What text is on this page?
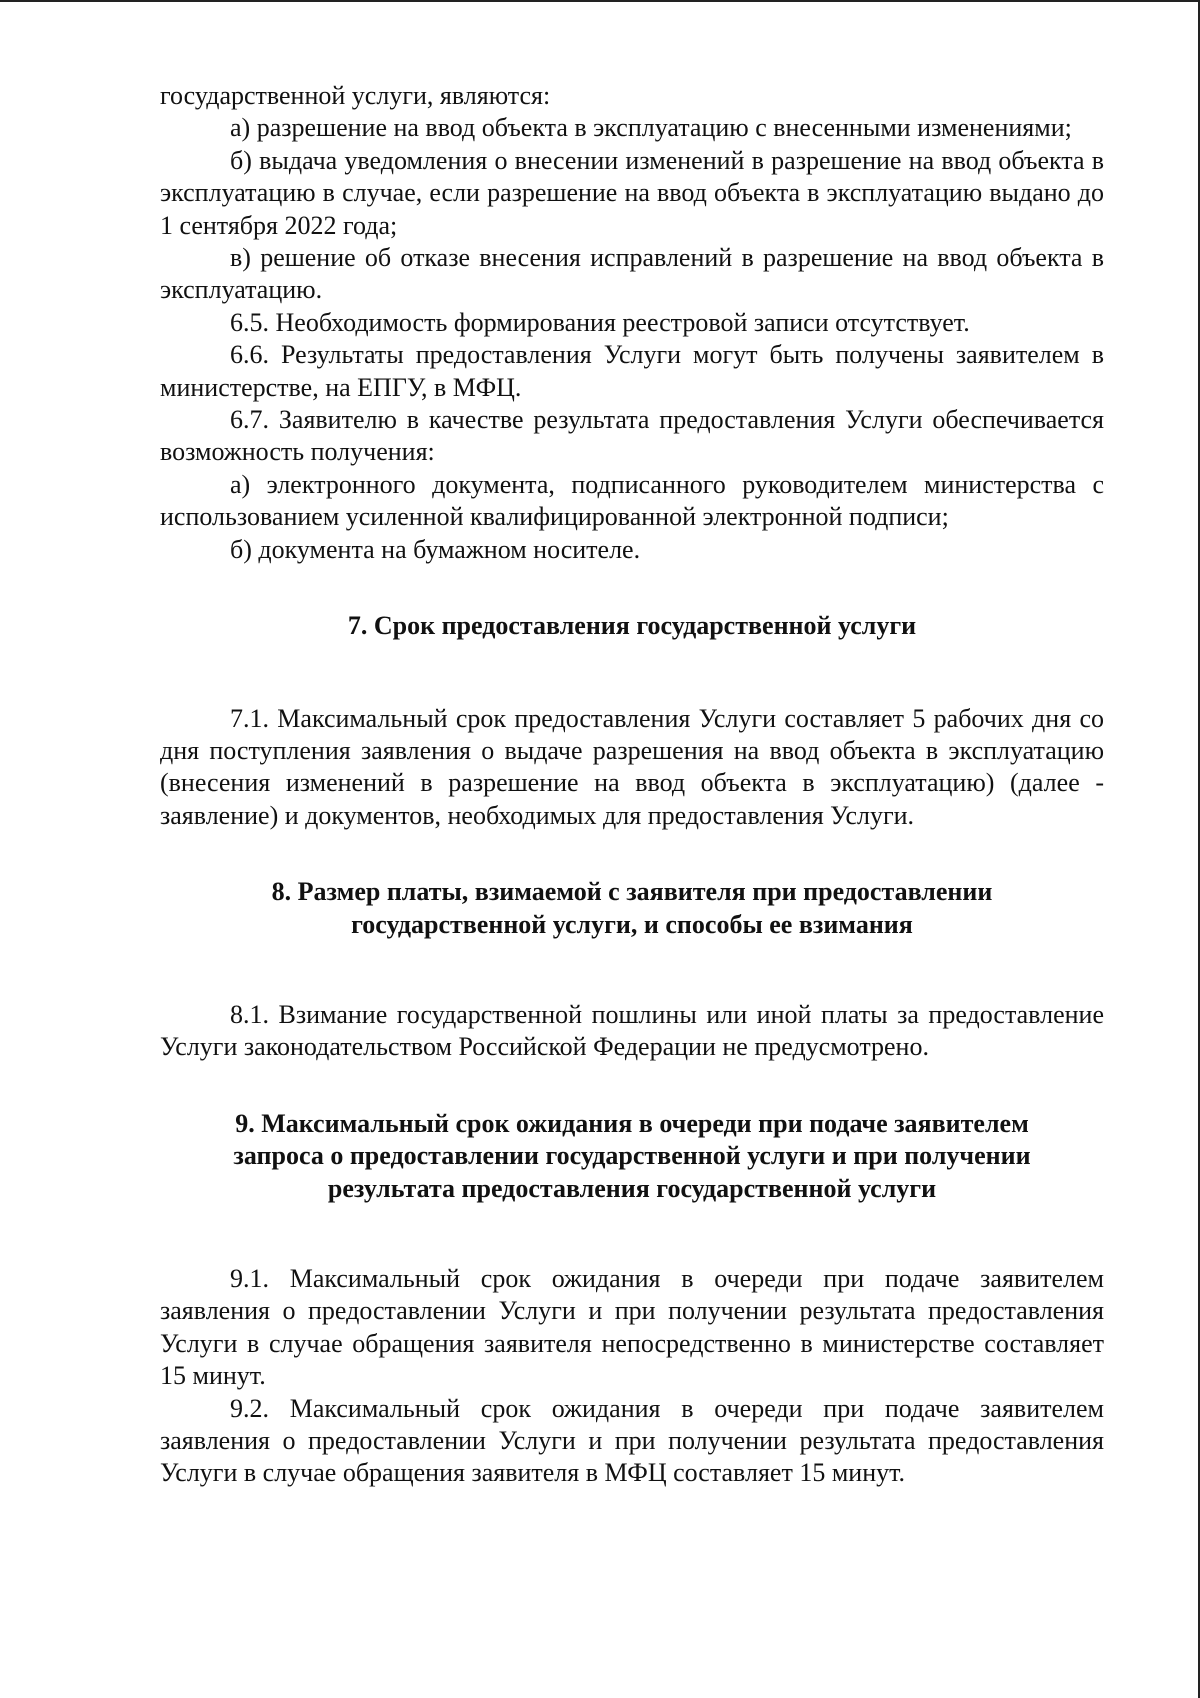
государственной услуги, являются:

а) разрешение на ввод объекта в эксплуатацию с внесенными изменениями;

б) выдача уведомления о внесении изменений в разрешение на ввод объекта в эксплуатацию в случае, если разрешение на ввод объекта в эксплуатацию выдано до 1 сентября 2022 года;

в) решение об отказе внесения исправлений в разрешение на ввод объекта в эксплуатацию.

6.5. Необходимость формирования реестровой записи отсутствует.

6.6. Результаты предоставления Услуги могут быть получены заявителем в министерстве, на ЕПГУ, в МФЦ.

6.7. Заявителю в качестве результата предоставления Услуги обеспечивается возможность получения:

а) электронного документа, подписанного руководителем министерства с использованием усиленной квалифицированной электронной подписи;

б) документа на бумажном носителе.

7. Срок предоставления государственной услуги

7.1. Максимальный срок предоставления Услуги составляет 5 рабочих дня со дня поступления заявления о выдаче разрешения на ввод объекта в эксплуатацию (внесения изменений в разрешение на ввод объекта в эксплуатацию) (далее - заявление) и документов, необходимых для предоставления Услуги.

8. Размер платы, взимаемой с заявителя при предоставлении
государственной услуги, и способы ее взимания

8.1. Взимание государственной пошлины или иной платы за предоставление Услуги законодательством Российской Федерации не предусмотрено.

9. Максимальный срок ожидания в очереди при подаче заявителем
запроса о предоставлении государственной услуги и при получении
результата предоставления государственной услуги

9.1. Максимальный срок ожидания в очереди при подаче заявителем заявления о предоставлении Услуги и при получении результата предоставления Услуги в случае обращения заявителя непосредственно в министерстве составляет 15 минут.

9.2. Максимальный срок ожидания в очереди при подаче заявителем заявления о предоставлении Услуги и при получении результата предоставления Услуги в случае обращения заявителя в МФЦ составляет 15 минут.
